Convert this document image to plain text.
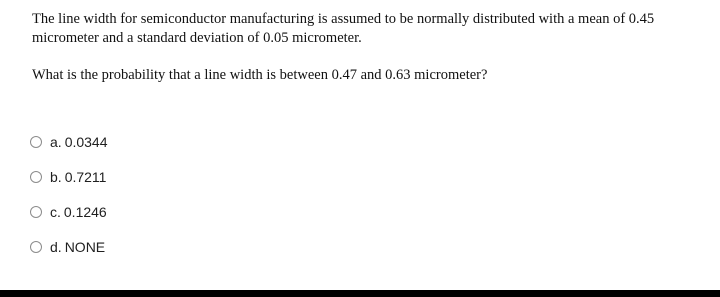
The line width for semiconductor manufacturing is assumed to be normally distributed with a mean of 0.45 micrometer and a standard deviation of 0.05 micrometer.

What is the probability that a line width is between 0.47 and 0.63 micrometer?

a. 0.0344
b. 0.7211
c. 0.1246
d. NONE
